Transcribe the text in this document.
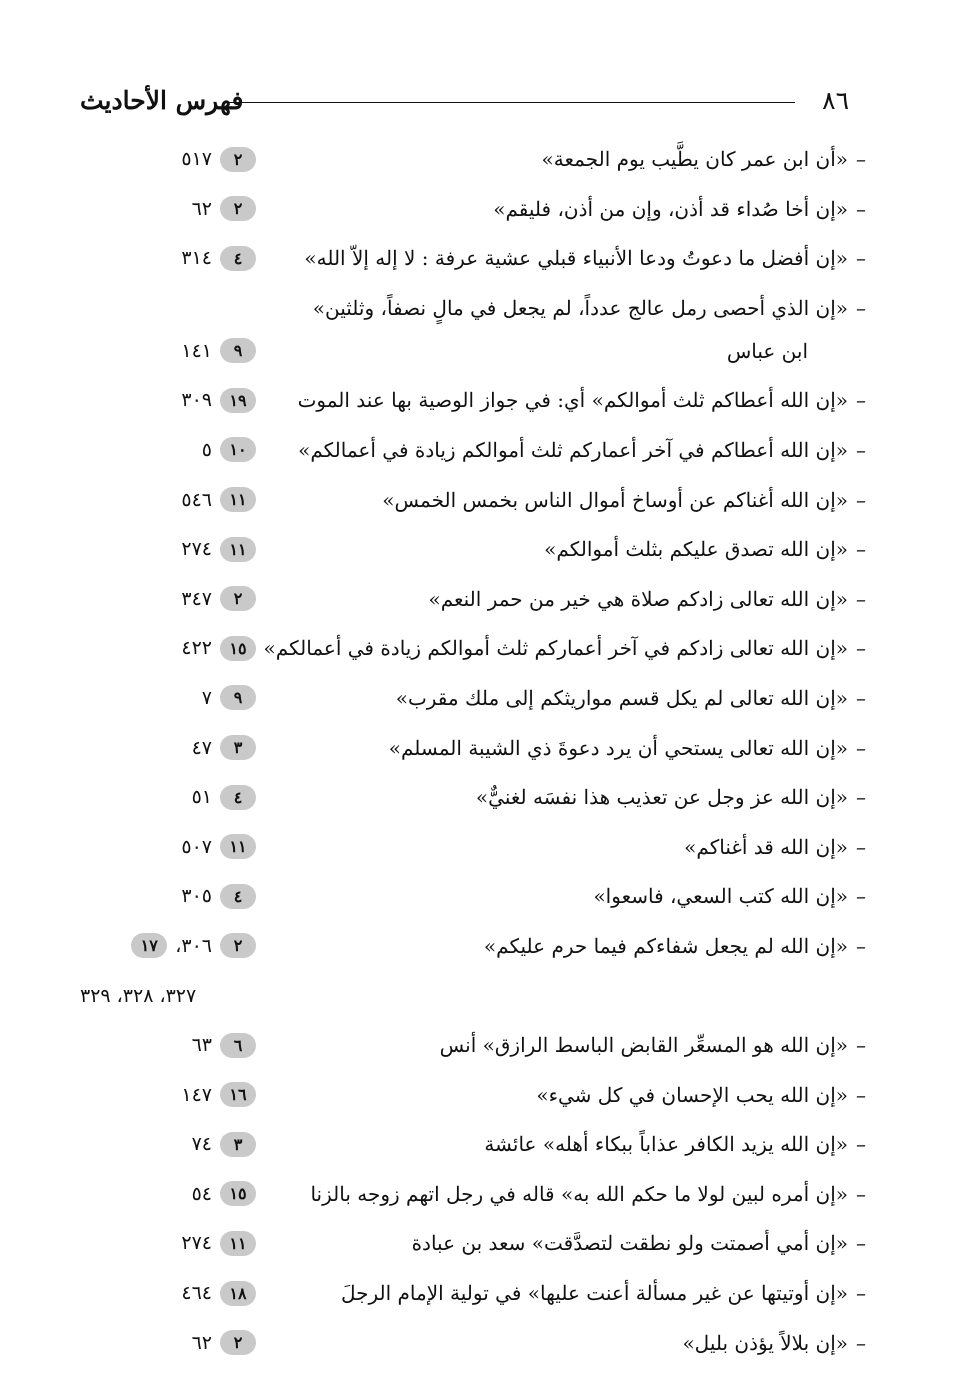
٨٦
فهرس الأحاديث
–«أن ابن عمر كان يطَّيب يوم الجمعة»
٢
٥١٧
–«إن أخا صُداء قد أذن، وإن من أذن، فليقم»
٢
٦٢
–«إن أفضل ما دعوتُ ودعا الأنبياء قبلي عشية عرفة : لا إله إلاّ الله»
٤
٣١٤
–«إن الذي أحصى رمل عالج عدداً، لم يجعل في مالٍ نصفاً، وثلثين»
ابن عباس
٩
١٤١
–«إن الله أعطاكم ثلث أموالكم» أي: في جواز الوصية بها عند الموت
١٩
٣٠٩
–«إن الله أعطاكم في آخر أعماركم ثلث أموالكم زيادة في أعمالكم»
١٠
٥
–«إن الله أغناكم عن أوساخ أموال الناس بخمس الخمس»
١١
٥٤٦
–«إن الله تصدق عليكم بثلث أموالكم»
١١
٢٧٤
–«إن الله تعالى زادكم صلاة هي خير من حمر النعم»
٢
٣٤٧
–«إن الله تعالى زادكم في آخر أعماركم ثلث أموالكم زيادة في أعمالكم»
١٥
٤٢٢
–«إن الله تعالى لم يكل قسم مواريثكم إلى ملك مقرب»
٩
٧
–«إن الله تعالى يستحي أن يرد دعوةَ ذي الشيبة المسلم»
٣
٤٧
–«إن الله عز وجل عن تعذيب هذا نفسَه لغنيٌّ»
٤
٥١
–«إن الله قد أغناكم»
١١
٥٠٧
–«إن الله كتب السعي، فاسعوا»
٤
٣٠٥
–«إن الله لم يجعل شفاءكم فيما حرم عليكم»
٢
٣٠٦،
١٧
٣٢٧، ٣٢٨، ٣٢٩
–«إن الله هو المسعِّر القابض الباسط الرازق» أنس
٦
٦٣
–«إن الله يحب الإحسان في كل شيء»
١٦
١٤٧
–«إن الله يزيد الكافر عذاباً ببكاء أهله» عائشة
٣
٧٤
–«إن أمره لبين لولا ما حكم الله به» قاله في رجل اتهم زوجه بالزنا
١٥
٥٤
–«إن أمي أصمتت ولو نطقت لتصدَّقت» سعد بن عبادة
١١
٢٧٤
–«إن أوتيتها عن غير مسألة أعنت عليها» في تولية الإمام الرجلَ
١٨
٤٦٤
–«إن بلالاً يؤذن بليل»
٢
٦٢
